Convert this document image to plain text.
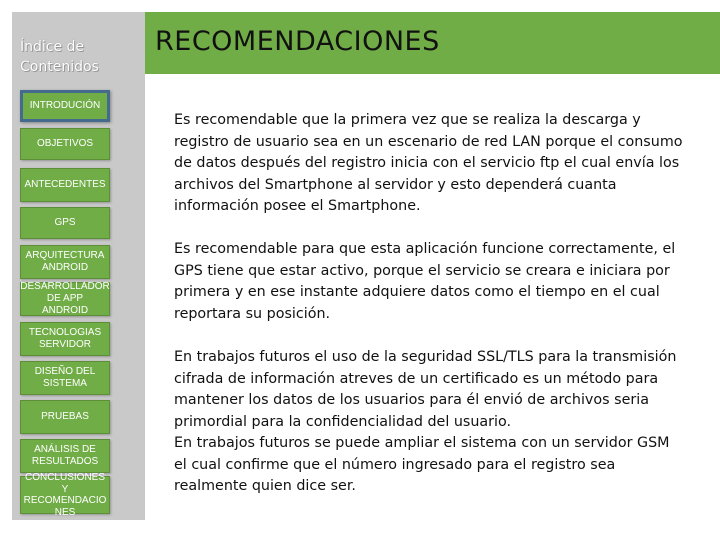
Índice de
Contenidos
INTRODUCIÓN
OBJETIVOS
ANTECEDENTES
GPS
ARQUITECTURA
ANDROID
DESARROLLADOR
DE APP ANDROID
TECNOLOGIAS
SERVIDOR
DISEÑO DEL
SISTEMA
PRUEBAS
ANÁLISIS DE
RESULTADOS
CONCLUSIONES Y
RECOMENDACIO
NES
RECOMENDACIONES

Es recomendable que la primera vez que se realiza la descarga y
registro de usuario sea en un escenario de red LAN porque el consumo
de datos después del registro inicia con el servicio ftp el cual envía los
archivos del Smartphone al servidor y esto dependerá cuanta
información posee el Smartphone.

Es recomendable para que esta aplicación funcione correctamente, el
GPS tiene que estar activo, porque el servicio se creara e iniciara por
primera y en ese instante adquiere datos como el tiempo en el cual
reportara su posición.

En trabajos futuros el uso de la seguridad SSL/TLS para la transmisión
cifrada de información atreves de un certificado es un método para
mantener los datos de los usuarios para él envió de archivos seria
primordial para la confidencialidad del usuario.
En trabajos futuros se puede ampliar el sistema con un servidor GSM
el cual confirme que el número ingresado para el registro sea
realmente quien dice ser.
